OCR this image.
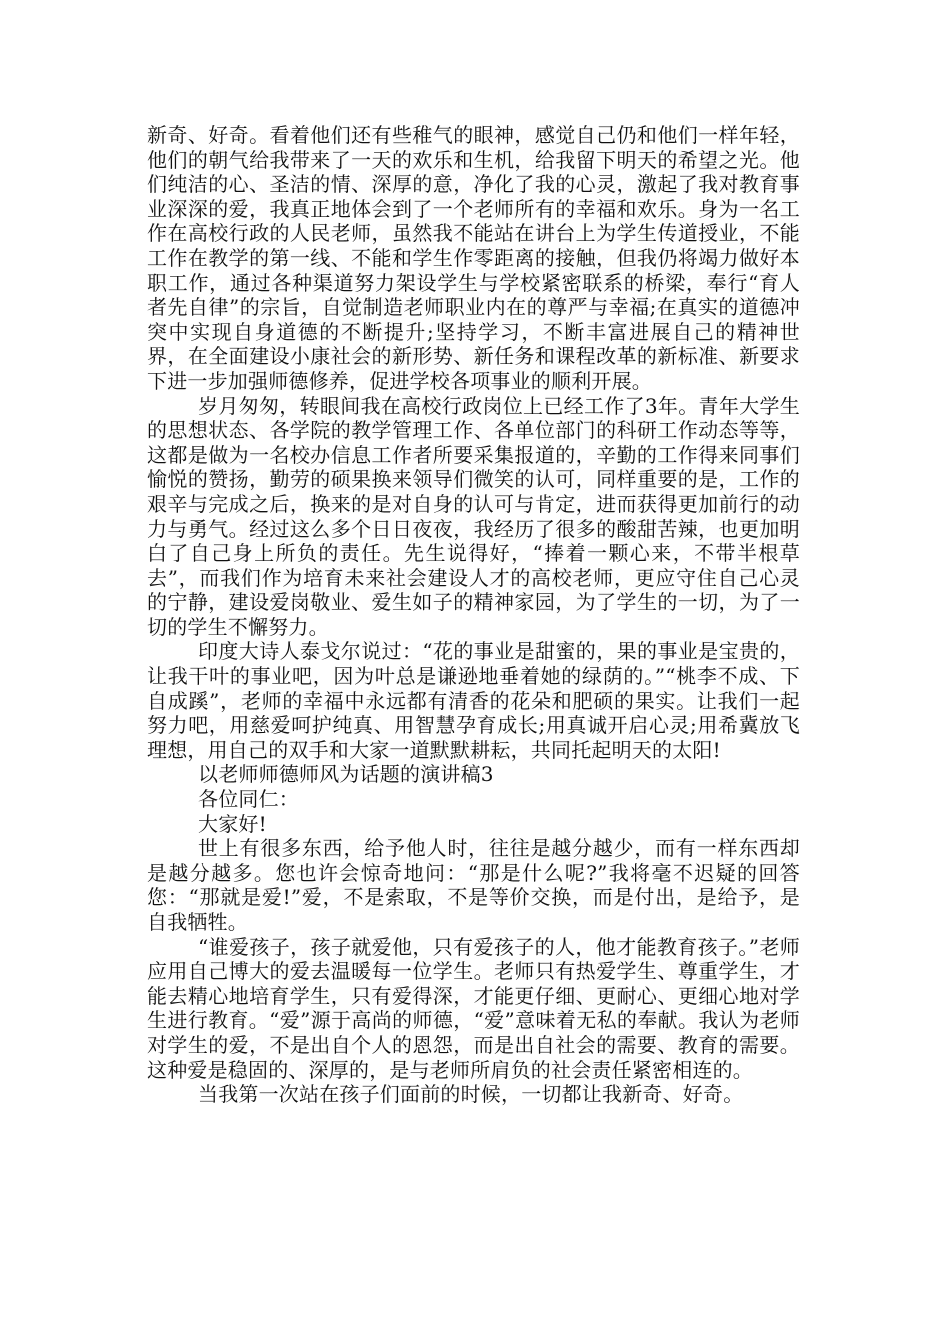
新奇、好奇。看着他们还有些稚气的眼神，感觉自己仍和他们一样年轻，他们的朝气给我带来了一天的欢乐和生机，给我留下明天的希望之光。他们纯洁的心、圣洁的情、深厚的意，净化了我的心灵，激起了我对教育事业深深的爱，我真正地体会到了一个老师所有的幸福和欢乐。身为一名工作在高校行政的人民老师，虽然我不能站在讲台上为学生传道授业，不能工作在教学的第一线、不能和学生作零距离的接触，但我仍将竭力做好本职工作，通过各种渠道努力架设学生与学校紧密联系的桥梁，奉行“育人者先自律”的宗旨，自觉制造老师职业内在的尊严与幸福;在真实的道德冲突中实现自身道德的不断提升;坚持学习，不断丰富进展自己的精神世界，在全面建设小康社会的新形势、新任务和课程改革的新标准、新要求下进一步加强师德修养，促进学校各项事业的顺利开展。

岁月匆匆，转眼间我在高校行政岗位上已经工作了3年。青年大学生的思想状态、各学院的教学管理工作、各单位部门的科研工作动态等等，这都是做为一名校办信息工作者所要采集报道的，辛勤的工作得来同事们愉悦的赞扬，勤劳的硕果换来领导们微笑的认可，同样重要的是，工作的艰辛与完成之后，换来的是对自身的认可与肯定，进而获得更加前行的动力与勇气。经过这么多个日日夜夜，我经历了很多的酸甜苦辣，也更加明白了自己身上所负的责任。先生说得好，“捧着一颗心来，不带半根草去”，而我们作为培育未来社会建设人才的高校老师，更应守住自己心灵的宁静，建设爱岗敬业、爱生如子的精神家园，为了学生的一切，为了一切的学生不懈努力。

印度大诗人泰戈尔说过：“花的事业是甜蜜的，果的事业是宝贵的，让我干叶的事业吧，因为叶总是谦逊地垂着她的绿荫的。”“桃李不成、下自成蹊”，老师的幸福中永远都有清香的花朵和肥硕的果实。让我们一起努力吧，用慈爱呵护纯真、用智慧孕育成长;用真诚开启心灵;用希冀放飞理想，用自己的双手和大家一道默默耕耘，共同托起明天的太阳!

以老师师德师风为话题的演讲稿3

各位同仁：

大家好!

世上有很多东西，给予他人时，往往是越分越少，而有一样东西却是越分越多。您也许会惊奇地问：“那是什么呢?”我将毫不迟疑的回答您：“那就是爱!”爱，不是索取，不是等价交换，而是付出，是给予，是自我牺牲。

“谁爱孩子，孩子就爱他，只有爱孩子的人，他才能教育孩子。”老师应用自己博大的爱去温暖每一位学生。老师只有热爱学生、尊重学生，才能去精心地培育学生，只有爱得深，才能更仔细、更耐心、更细心地对学生进行教育。“爱”源于高尚的师德，“爱”意味着无私的奉献。我认为老师对学生的爱，不是出自个人的恩怨，而是出自社会的需要、教育的需要。这种爱是稳固的、深厚的，是与老师所肩负的社会责任紧密相连的。

当我第一次站在孩子们面前的时候，一切都让我新奇、好奇。
